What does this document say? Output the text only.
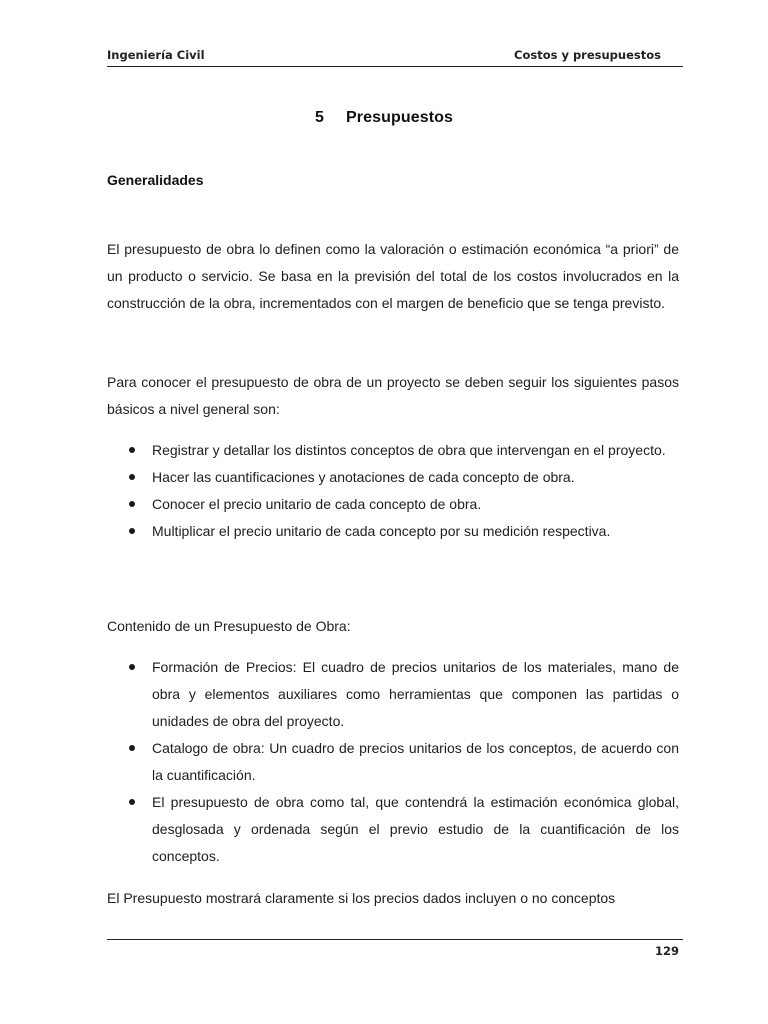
Ingeniería Civil	Costos y presupuestos
5 Presupuestos
Generalidades

El presupuesto de obra lo definen como la valoración o estimación económica “a priori” de un producto o servicio. Se basa en la previsión del total de los costos involucrados en la construcción de la obra, incrementados con el margen de beneficio que se tenga previsto.

Para conocer el presupuesto de obra de un proyecto se deben seguir los siguientes pasos básicos a nivel general son:

Registrar y detallar los distintos conceptos de obra que intervengan en el proyecto.
Hacer las cuantificaciones y anotaciones de cada concepto de obra.
Conocer el precio unitario de cada concepto de obra.
Multiplicar el precio unitario de cada concepto por su medición respectiva.

Contenido de un Presupuesto de Obra:

Formación de Precios: El cuadro de precios unitarios de los materiales, mano de obra y elementos auxiliares como herramientas que componen las partidas o unidades de obra del proyecto.
Catalogo de obra: Un cuadro de precios unitarios de los conceptos, de acuerdo con la cuantificación.
El presupuesto de obra como tal, que contendrá la estimación económica global, desglosada y ordenada según el previo estudio de la cuantificación de los conceptos.

El Presupuesto mostrará claramente si los precios dados incluyen o no conceptos

129
